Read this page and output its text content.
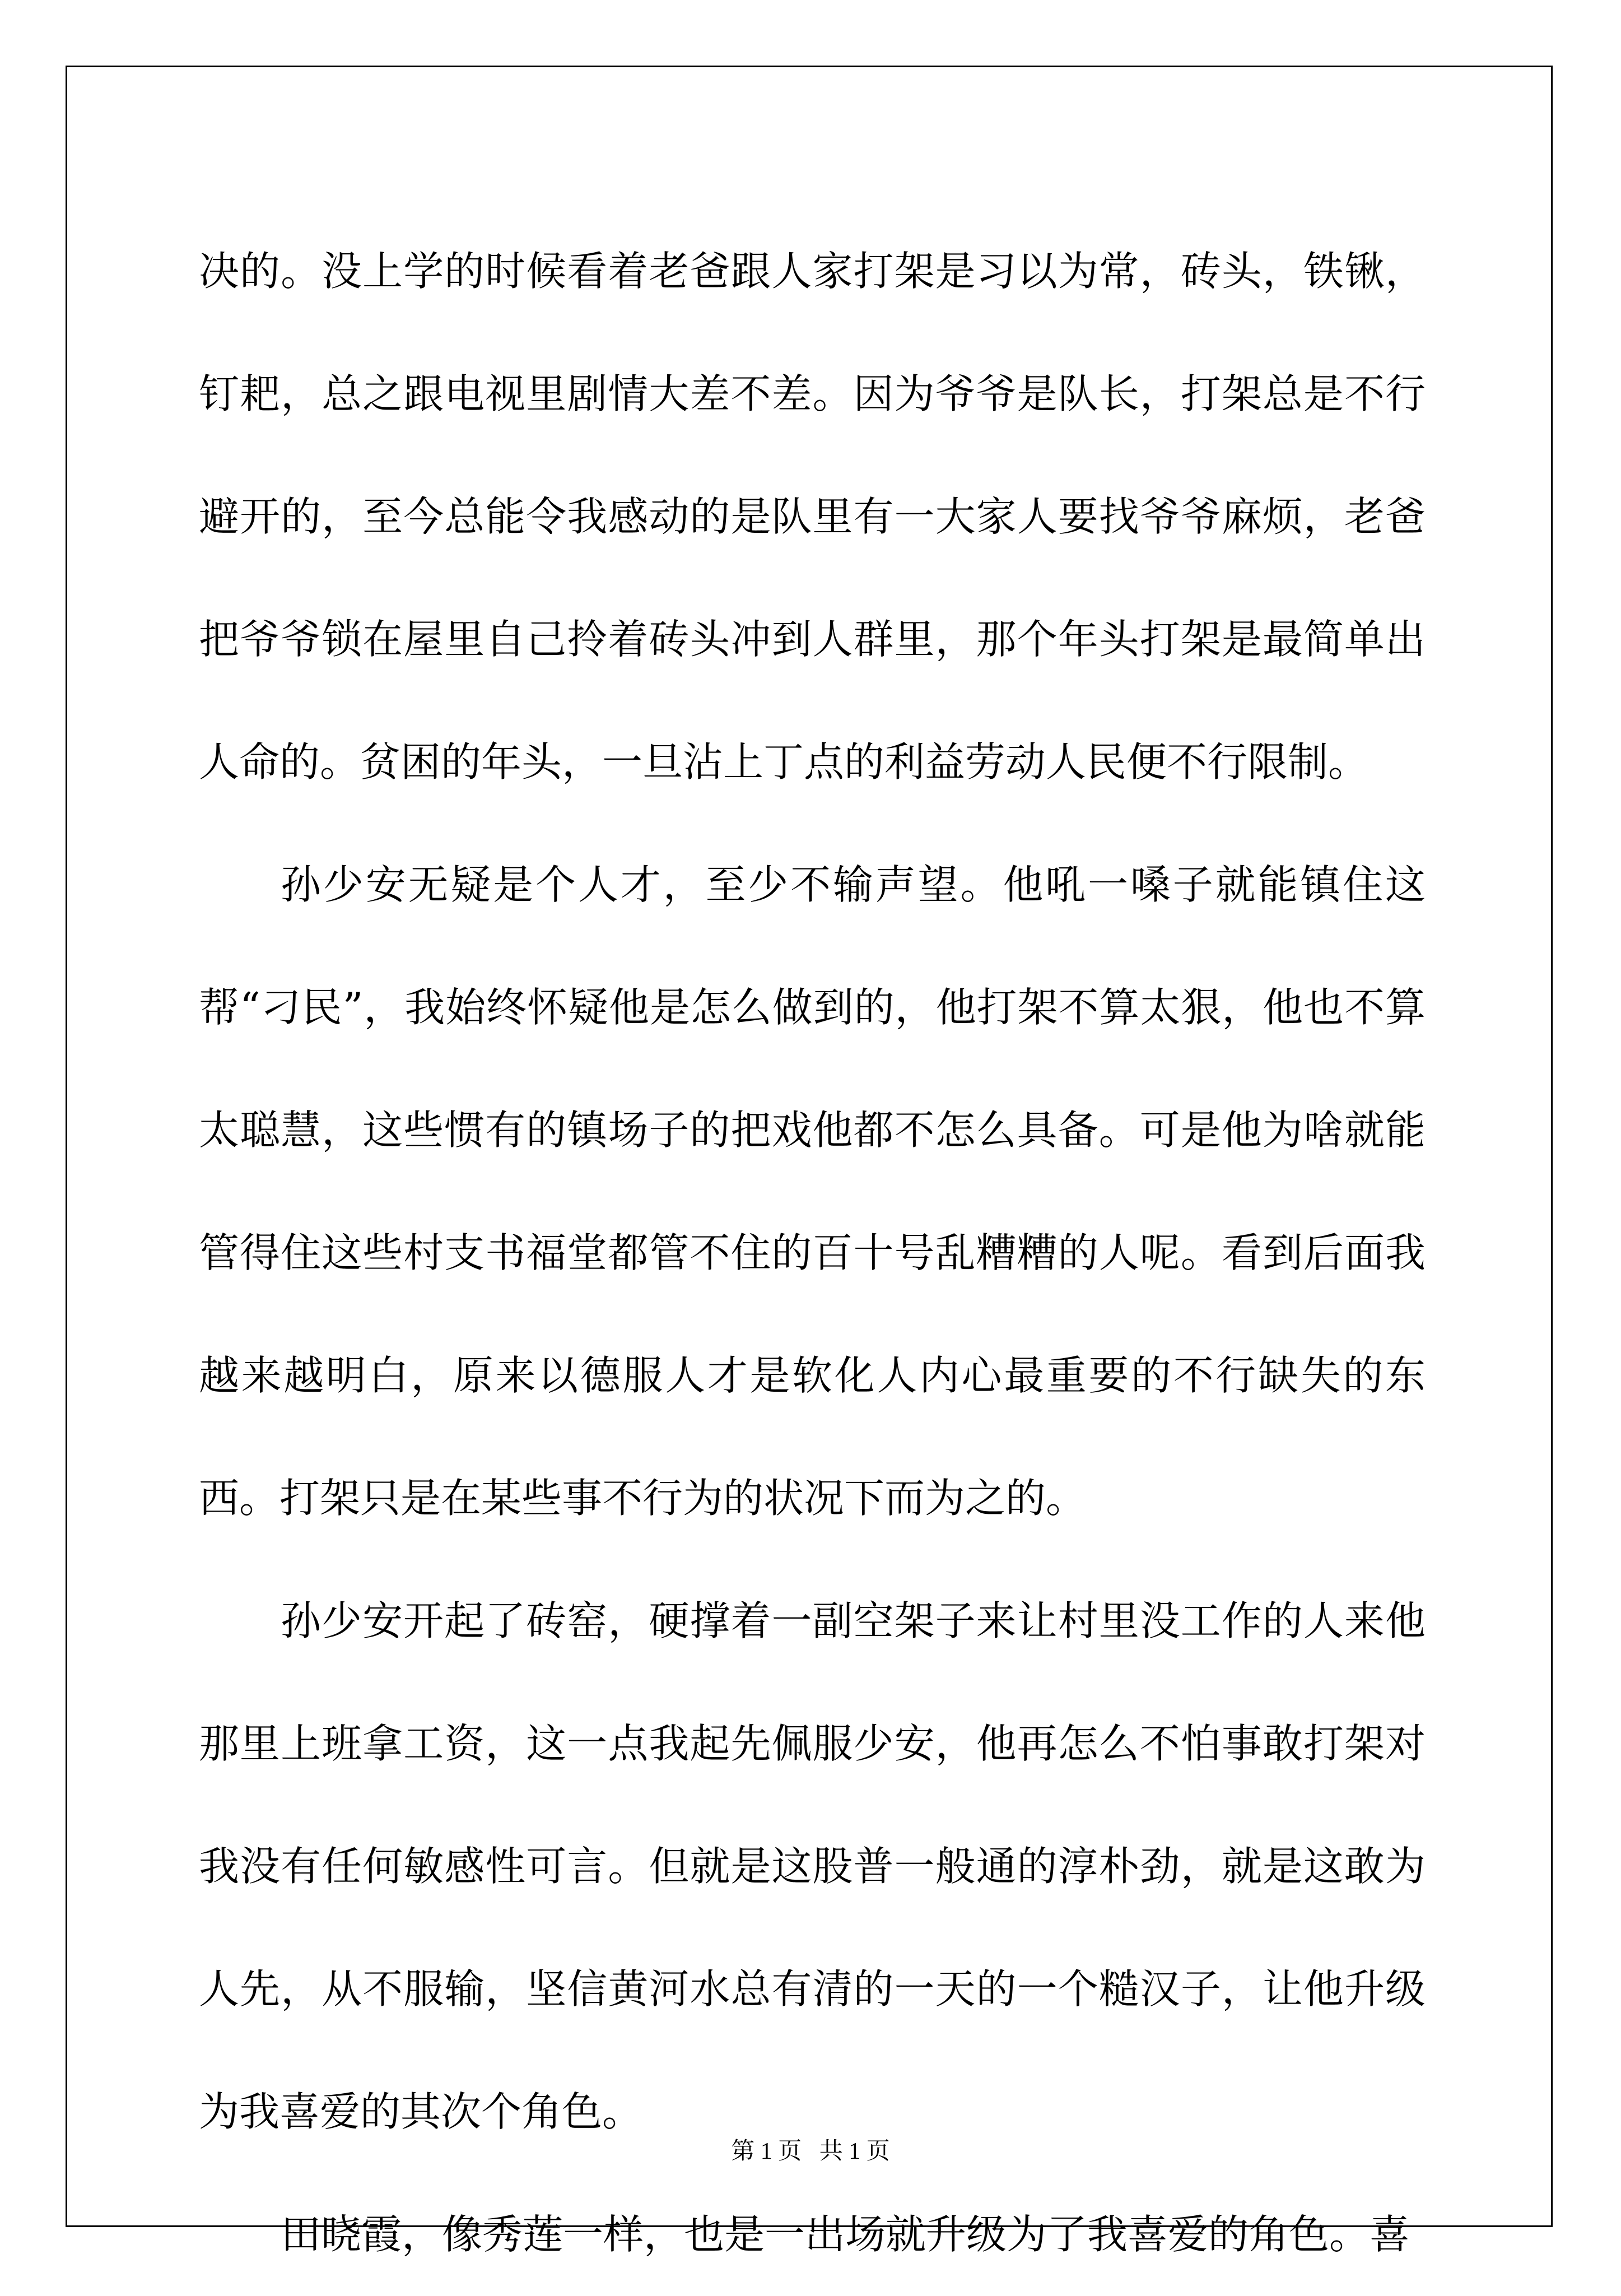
决的。没上学的时候看着老爸跟人家打架是习以为常，砖头，铁锹，钉耙，总之跟电视里剧情大差不差。因为爷爷是队长，打架总是不行避开的，至今总能令我感动的是队里有一大家人要找爷爷麻烦，老爸把爷爷锁在屋里自己拎着砖头冲到人群里，那个年头打架是最简单出人命的。贫困的年头，一旦沾上丁点的利益劳动人民便不行限制。

孙少安无疑是个人才，至少不输声望。他吼一嗓子就能镇住这帮“刁民”，我始终怀疑他是怎么做到的，他打架不算太狠，他也不算太聪慧，这些惯有的镇场子的把戏他都不怎么具备。可是他为啥就能管得住这些村支书福堂都管不住的百十号乱糟糟的人呢。看到后面我越来越明白，原来以德服人才是软化人内心最重要的不行缺失的东西。打架只是在某些事不行为的状况下而为之的。

孙少安开起了砖窑，硬撑着一副空架子来让村里没工作的人来他那里上班拿工资，这一点我起先佩服少安，他再怎么不怕事敢打架对我没有任何敏感性可言。但就是这股普一般通的淳朴劲，就是这敢为人先，从不服输，坚信黄河水总有清的一天的一个糙汉子，让他升级为我喜爱的其次个角色。

田晓霞，像秀莲一样，也是一出场就升级为了我喜爱的角色。喜

第 1 页   共 1 页
